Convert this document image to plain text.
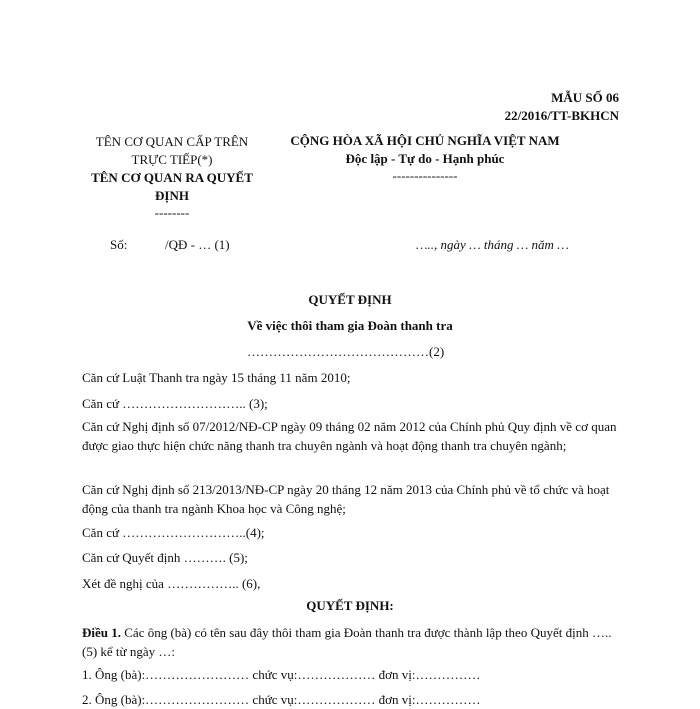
MẪU SỐ 06
22/2016/TT-BKHCN
TÊN CƠ QUAN CẤP TRÊN TRỰC TIẾP(*)
TÊN CƠ QUAN RA QUYẾT ĐỊNH
--------
CỘNG HÒA XÃ HỘI CHỦ NGHĨA VIỆT NAM
Độc lập - Tự do - Hạnh phúc
---------------
Số:	/QĐ - … (1)	….., ngày … tháng … năm …
QUYẾT ĐỊNH
Về việc thôi tham gia Đoàn thanh tra
……………………………………(2)
Căn cứ Luật Thanh tra ngày 15 tháng 11 năm 2010;
Căn cứ ……………………….. (3);
Căn cứ Nghị định số 07/2012/NĐ-CP ngày 09 tháng 02 năm 2012 của Chính phủ Quy định về cơ quan được giao thực hiện chức năng thanh tra chuyên ngành và hoạt động thanh tra chuyên ngành;
Căn cứ Nghị định số 213/2013/NĐ-CP ngày 20 tháng 12 năm 2013 của Chính phủ về tổ chức và hoạt động của thanh tra ngành Khoa học và Công nghệ;
Căn cứ ………………………..(4);
Căn cứ Quyết định ………. (5);
Xét đề nghị của …………….. (6),
QUYẾT ĐỊNH:
Điều 1. Các ông (bà) có tên sau đây thôi tham gia Đoàn thanh tra được thành lập theo Quyết định …..(5) kể từ ngày …:
1. Ông (bà):…………………… chức vụ:……………… đơn vị:……………
2. Ông (bà):…………………… chức vụ:……………… đơn vị:……………
